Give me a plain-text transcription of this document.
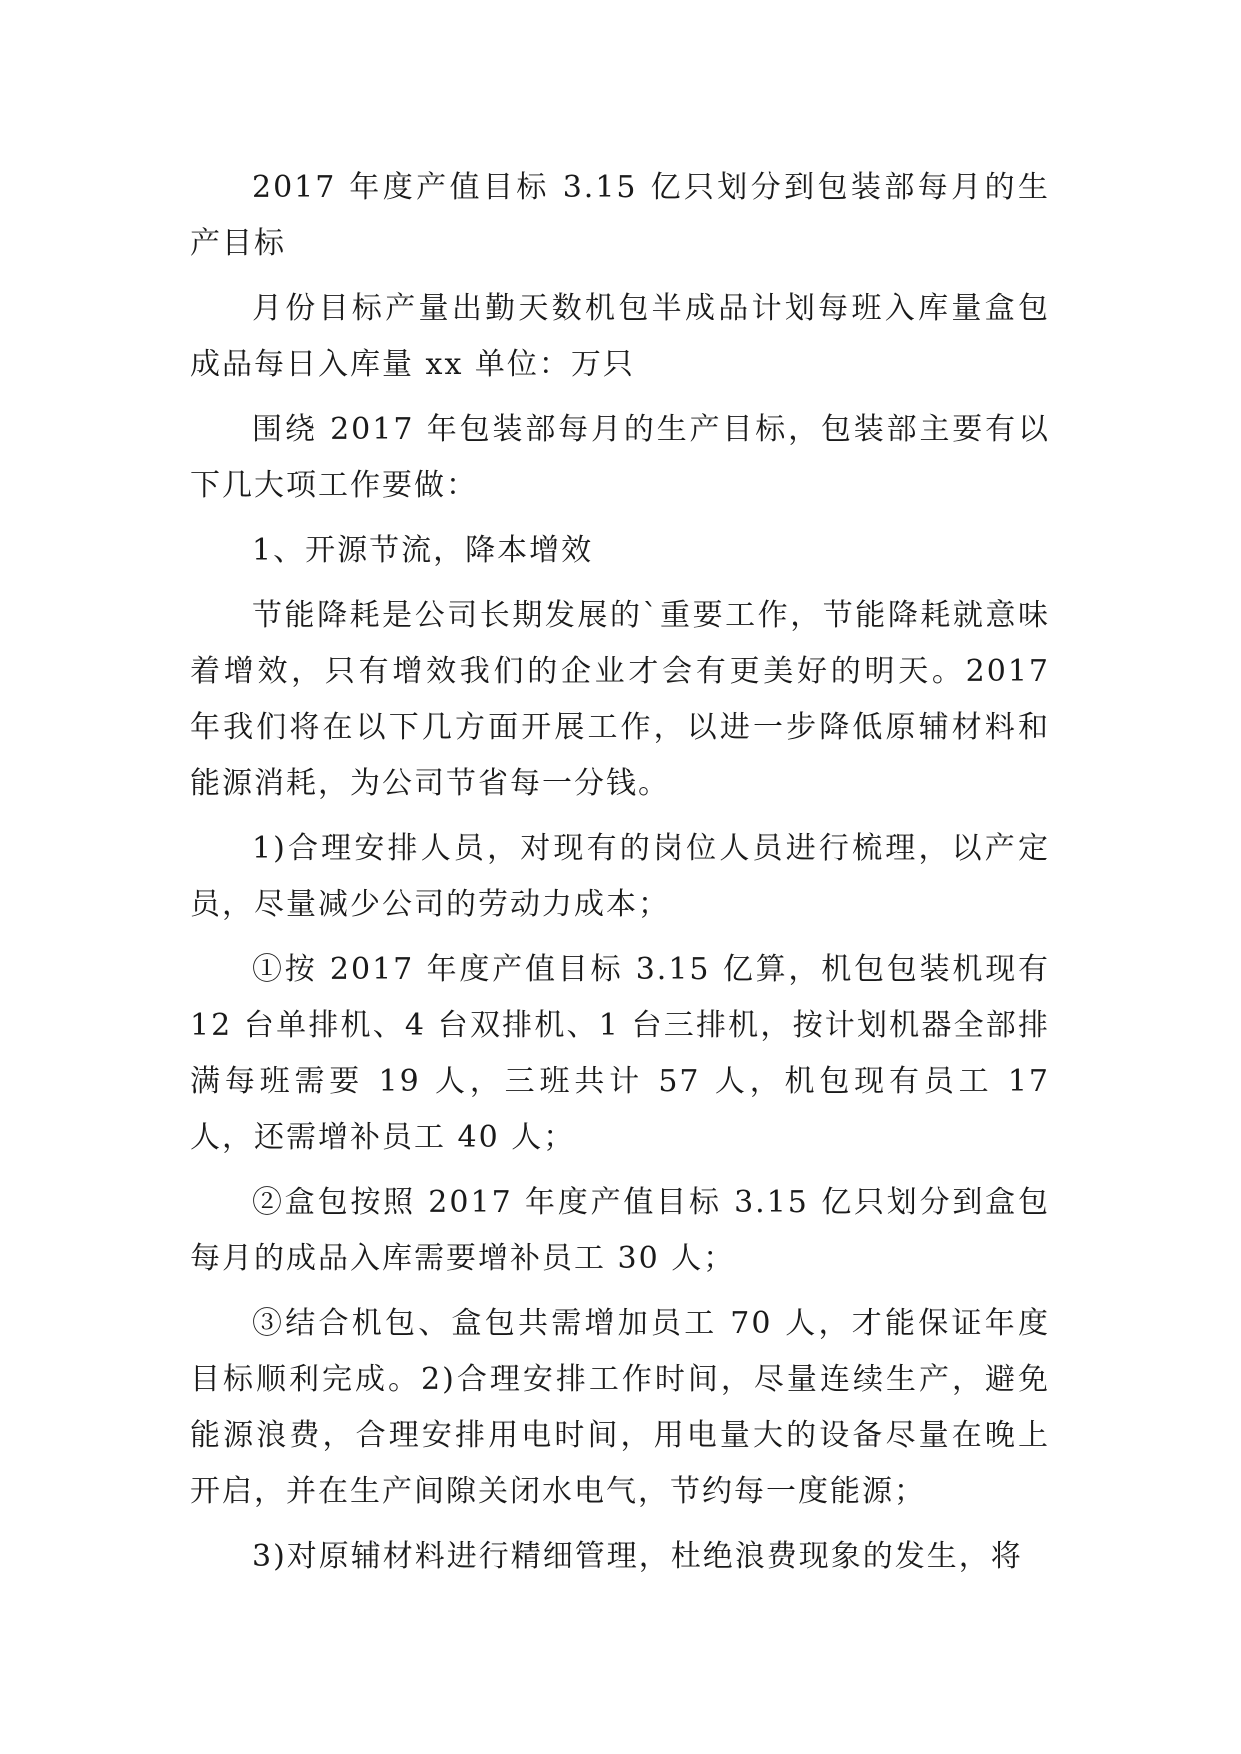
2017 年度产值目标 3.15 亿只划分到包装部每月的生产目标

月份目标产量出勤天数机包半成品计划每班入库量盒包成品每日入库量 xx 单位：万只

围绕 2017 年包装部每月的生产目标，包装部主要有以下几大项工作要做：

1、开源节流，降本增效

节能降耗是公司长期发展的`重要工作，节能降耗就意味着增效，只有增效我们的企业才会有更美好的明天。2017 年我们将在以下几方面开展工作，以进一步降低原辅材料和能源消耗，为公司节省每一分钱。

1)合理安排人员，对现有的岗位人员进行梳理，以产定员，尽量减少公司的劳动力成本；

①按 2017 年度产值目标 3.15 亿算，机包包装机现有 12 台单排机、4 台双排机、1 台三排机，按计划机器全部排满每班需要 19 人，三班共计 57 人，机包现有员工 17 人，还需增补员工 40 人；

②盒包按照 2017 年度产值目标 3.15 亿只划分到盒包每月的成品入库需要增补员工 30 人；

③结合机包、盒包共需增加员工 70 人，才能保证年度目标顺利完成。2)合理安排工作时间，尽量连续生产，避免能源浪费，合理安排用电时间，用电量大的设备尽量在晚上开启，并在生产间隙关闭水电气，节约每一度能源；

3)对原辅材料进行精细管理，杜绝浪费现象的发生，将
